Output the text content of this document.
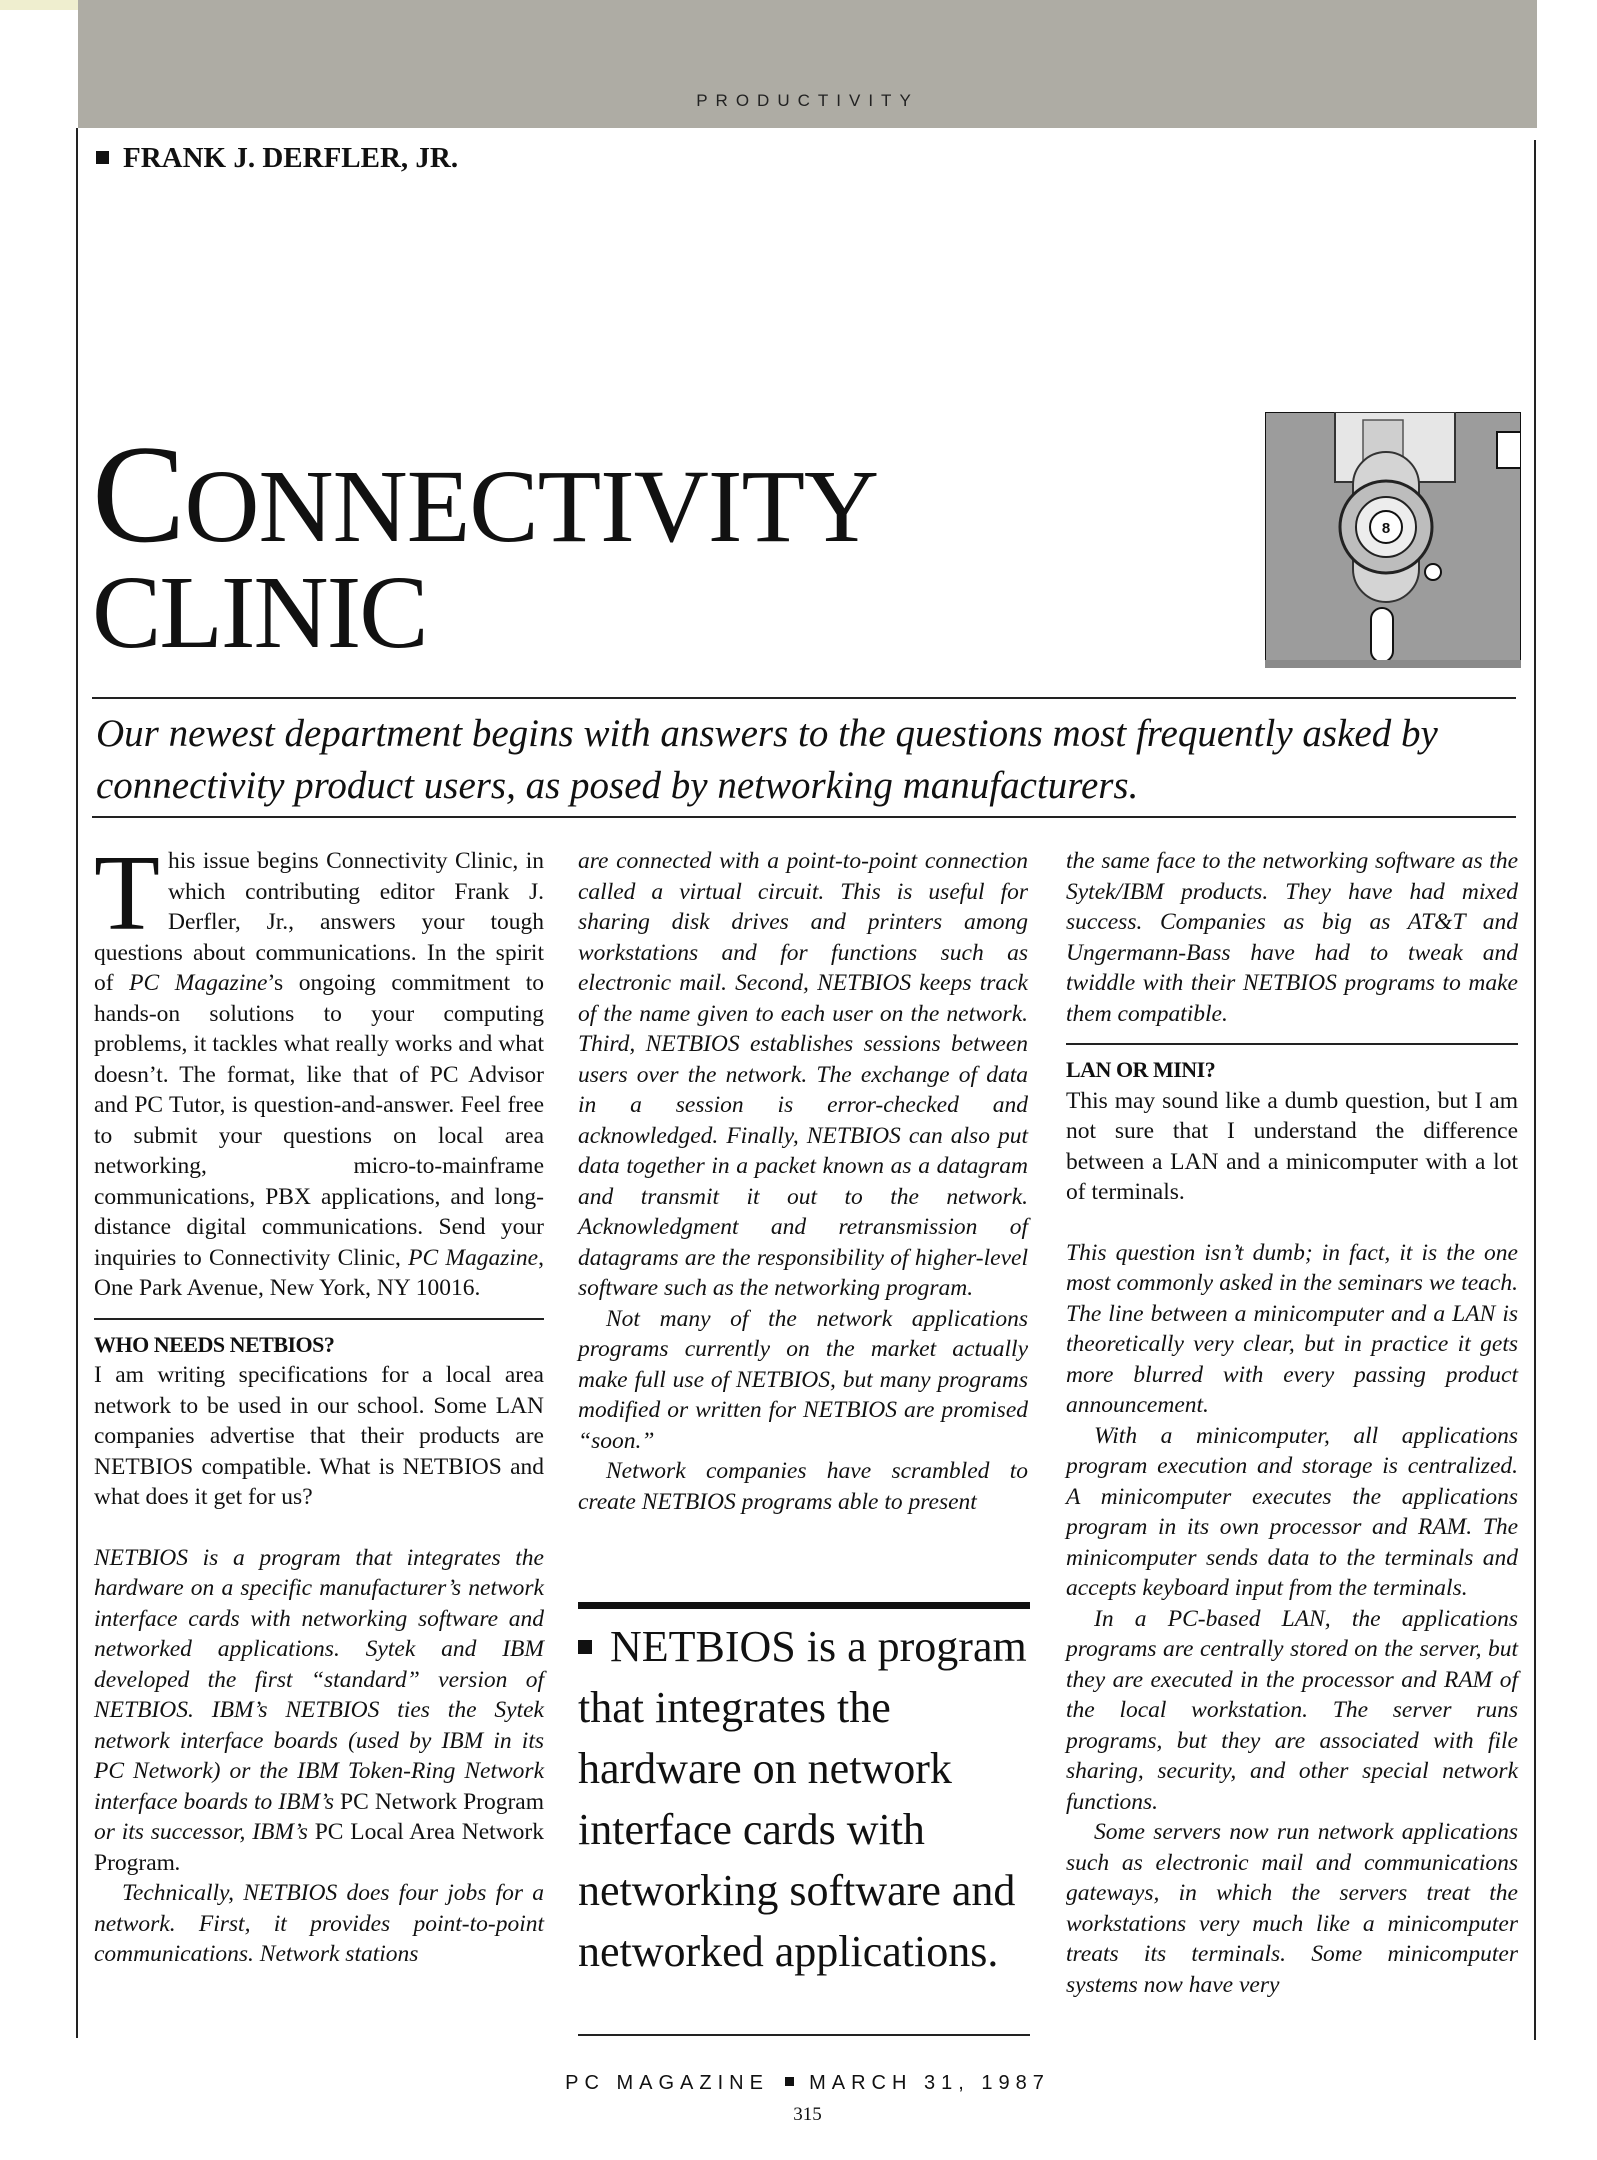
PRODUCTIVITY
FRANK J. DERFLER, JR.
CONNECTIVITY
CLINIC
8
Our newest department begins with answers to the questions most frequently asked by
connectivity product users, as posed by networking manufacturers.

This issue begins Connectivity Clinic, in which contributing editor Frank J. Derfler, Jr., answers your tough questions about communications. In the spirit of PC Magazine’s ongoing commitment to hands-on solutions to your computing problems, it tackles what really works and what doesn’t. The format, like that of PC Advisor and PC Tutor, is question-and-answer. Feel free to submit your questions on local area networking, micro-to-mainframe communications, PBX applications, and long-distance digital communications. Send your inquiries to Connectivity Clinic, PC Magazine, One Park Avenue, New York, NY 10016.

WHO NEEDS NETBIOS?

I am writing specifications for a local area network to be used in our school. Some LAN companies advertise that their products are NETBIOS compatible. What is NETBIOS and what does it get for us?

NETBIOS is a program that integrates the hardware on a specific manufacturer’s network interface cards with networking software and networked applications. Sytek and IBM developed the first “standard” version of NETBIOS. IBM’s NETBIOS ties the Sytek network interface boards (used by IBM in its PC Network) or the IBM Token-Ring Network interface boards to IBM’s PC Network Program or its successor, IBM’s PC Local Area Network Program.

Technically, NETBIOS does four jobs for a network. First, it provides point-to-point communications. Network stations

are connected with a point-to-point connection called a virtual circuit. This is useful for sharing disk drives and printers among workstations and for functions such as electronic mail. Second, NETBIOS keeps track of the name given to each user on the network. Third, NETBIOS establishes sessions between users over the network. The exchange of data in a session is error-checked and acknowledged. Finally, NETBIOS can also put data together in a packet known as a datagram and transmit it out to the network. Acknowledgment and retransmission of datagrams are the responsibility of higher-level software such as the networking program.

Not many of the network applications programs currently on the market actually make full use of NETBIOS, but many programs modified or written for NETBIOS are promised “soon.”

Network companies have scrambled to create NETBIOS programs able to present

NETBIOS is a program that integrates the hardware on network interface cards with networking software and networked applications.

the same face to the networking software as the Sytek/IBM products. They have had mixed success. Companies as big as AT&T and Ungermann-Bass have had to tweak and twiddle with their NETBIOS programs to make them compatible.

LAN OR MINI?

This may sound like a dumb question, but I am not sure that I understand the difference between a LAN and a minicomputer with a lot of terminals.

This question isn’t dumb; in fact, it is the one most commonly asked in the seminars we teach. The line between a minicomputer and a LAN is theoretically very clear, but in practice it gets more blurred with every passing product announcement.

With a minicomputer, all applications program execution and storage is centralized. A minicomputer executes the applications program in its own processor and RAM. The minicomputer sends data to the terminals and accepts keyboard input from the terminals.

In a PC-based LAN, the applications programs are centrally stored on the server, but they are executed in the processor and RAM of the local workstation. The server runs programs, but they are associated with file sharing, security, and other special network functions.

Some servers now run network applications such as electronic mail and communications gateways, in which the servers treat the workstations very much like a minicomputer treats its terminals. Some minicomputer systems now have very

PC MAGAZINE MARCH 31, 1987
315
